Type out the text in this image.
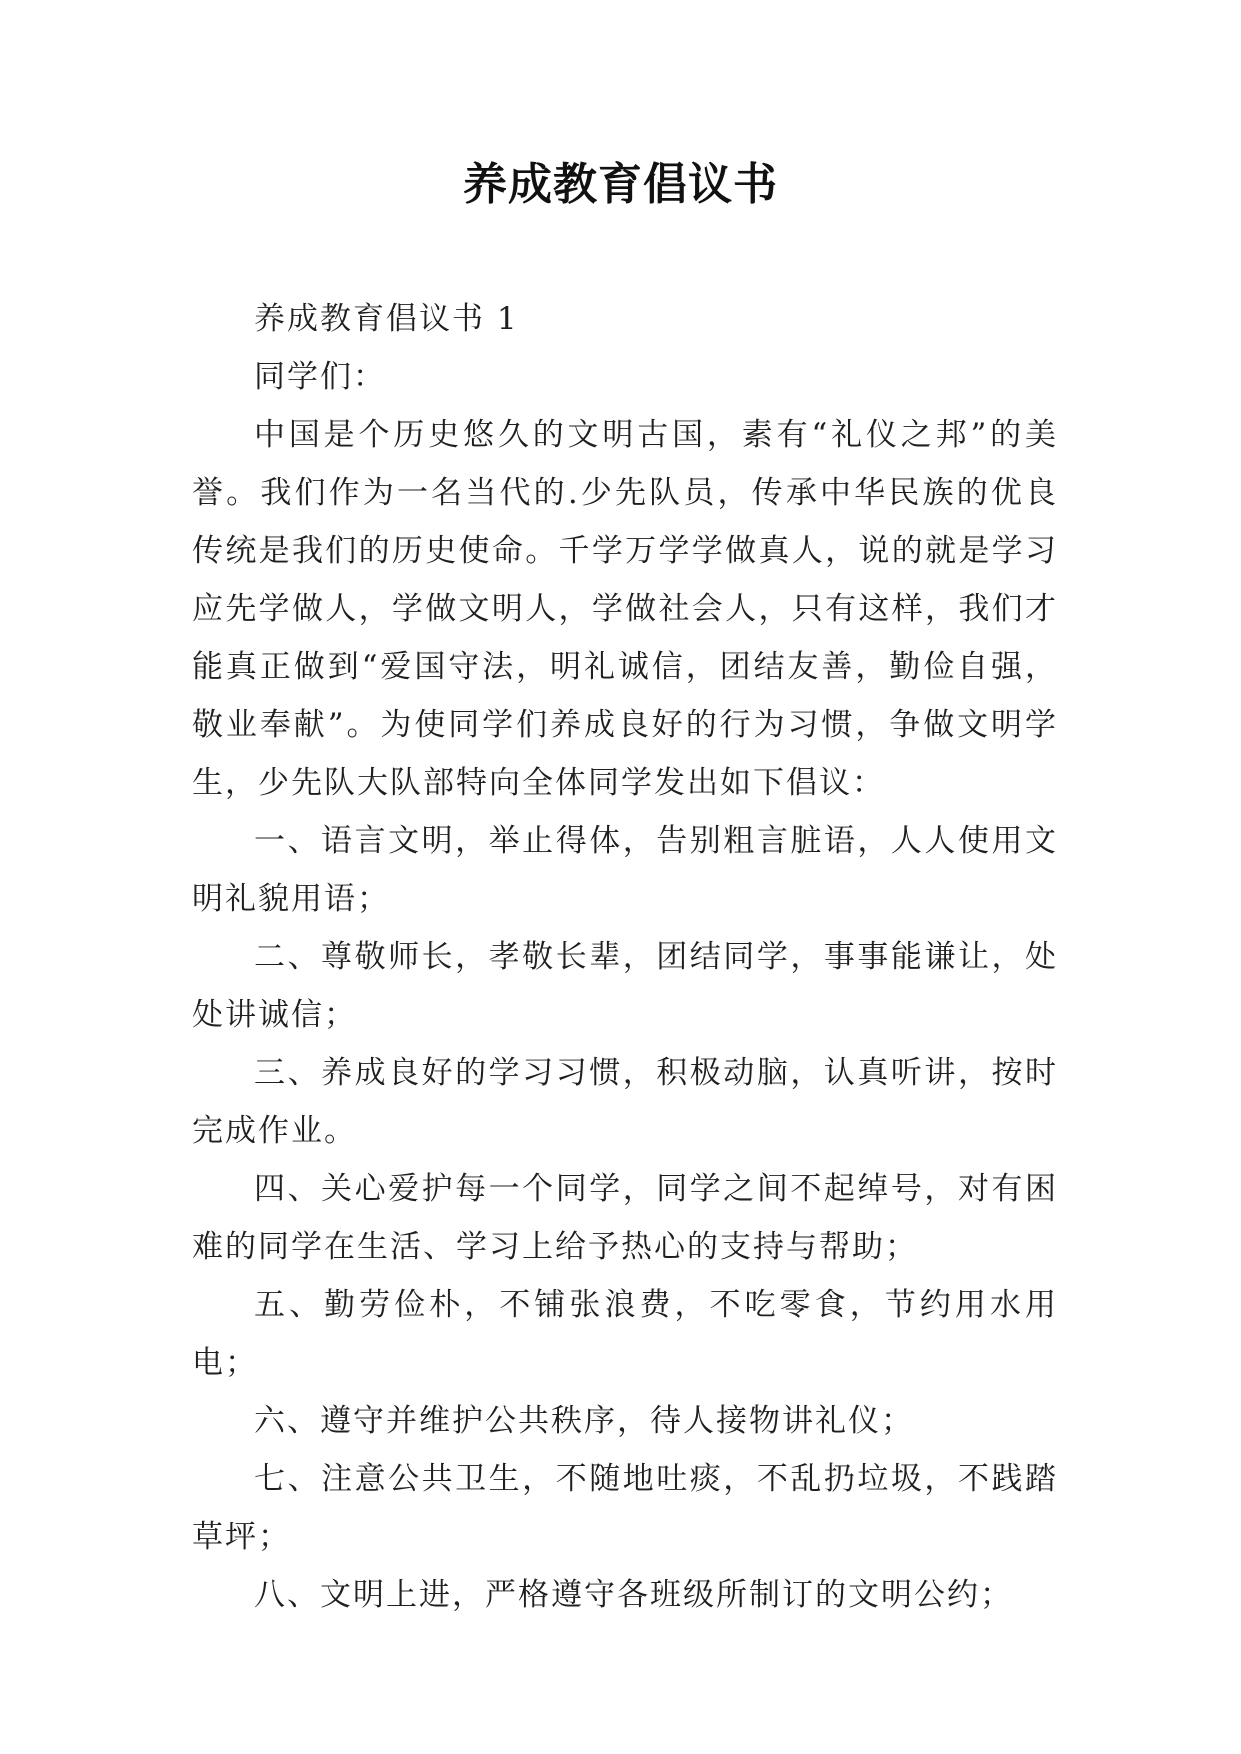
养成教育倡议书

养成教育倡议书 1

同学们：

中国是个历史悠久的文明古国，素有“礼仪之邦”的美誉。我们作为一名当代的.少先队员，传承中华民族的优良传统是我们的历史使命。千学万学学做真人，说的就是学习应先学做人，学做文明人，学做社会人，只有这样，我们才能真正做到“爱国守法，明礼诚信，团结友善，勤俭自强，敬业奉献”。为使同学们养成良好的行为习惯，争做文明学生，少先队大队部特向全体同学发出如下倡议：

一、语言文明，举止得体，告别粗言脏语，人人使用文明礼貌用语；

二、尊敬师长，孝敬长辈，团结同学，事事能谦让，处处讲诚信；

三、养成良好的学习习惯，积极动脑，认真听讲，按时完成作业。

四、关心爱护每一个同学，同学之间不起绰号，对有困难的同学在生活、学习上给予热心的支持与帮助；

五、勤劳俭朴，不铺张浪费，不吃零食，节约用水用电；

六、遵守并维护公共秩序，待人接物讲礼仪；

七、注意公共卫生，不随地吐痰，不乱扔垃圾，不践踏草坪；

八、文明上进，严格遵守各班级所制订的文明公约；
